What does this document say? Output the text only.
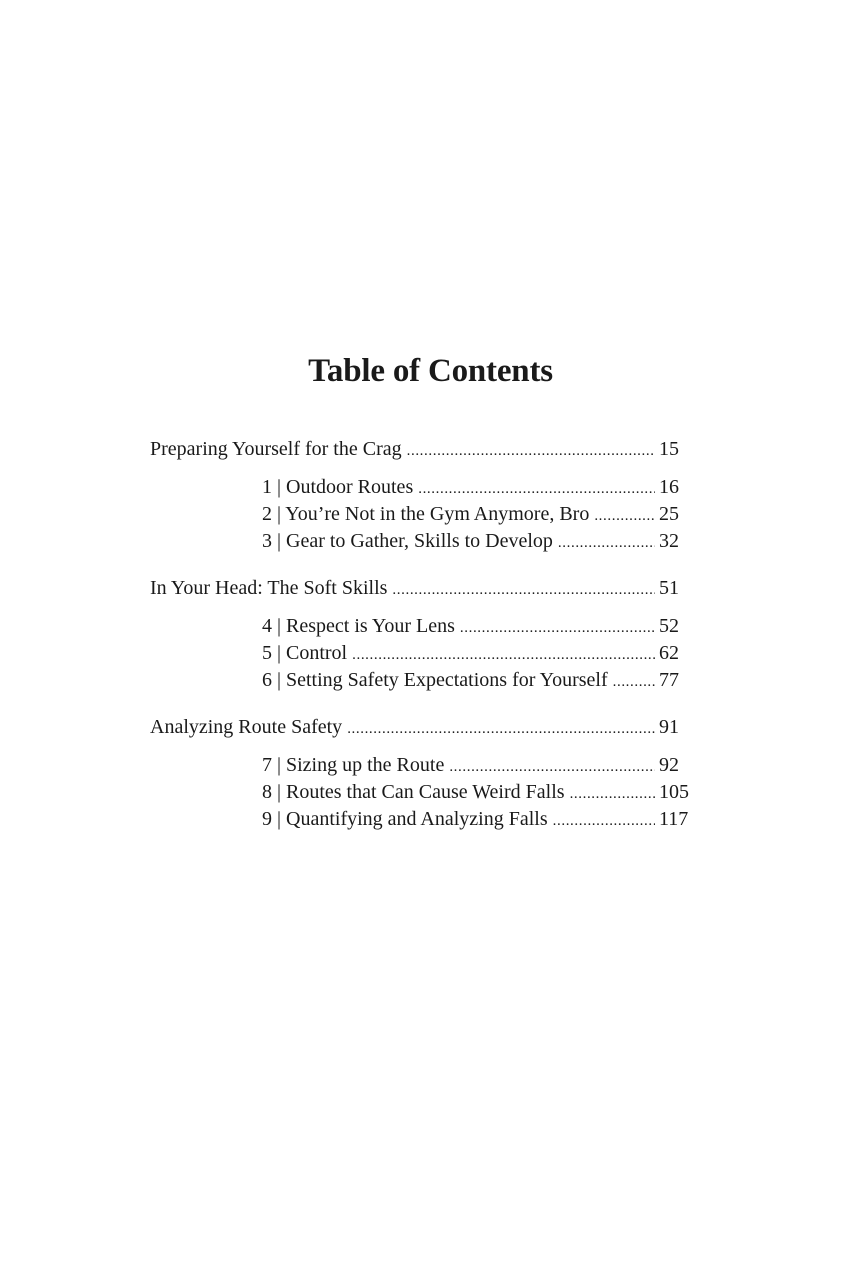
Table of Contents
Preparing Yourself for the Crag .....	15
1 | Outdoor Routes .....	16
2 | You’re Not in the Gym Anymore, Bro .....	25
3 | Gear to Gather, Skills to Develop .....	32
In Your Head: The Soft Skills .....	51
4 | Respect is Your Lens .....	52
5 | Control .....	62
6 | Setting Safety Expectations for Yourself .....	77
Analyzing Route Safety .....	91
7 | Sizing up the Route .....	92
8 | Routes that Can Cause Weird Falls .....	105
9 | Quantifying and Analyzing Falls .....	117
